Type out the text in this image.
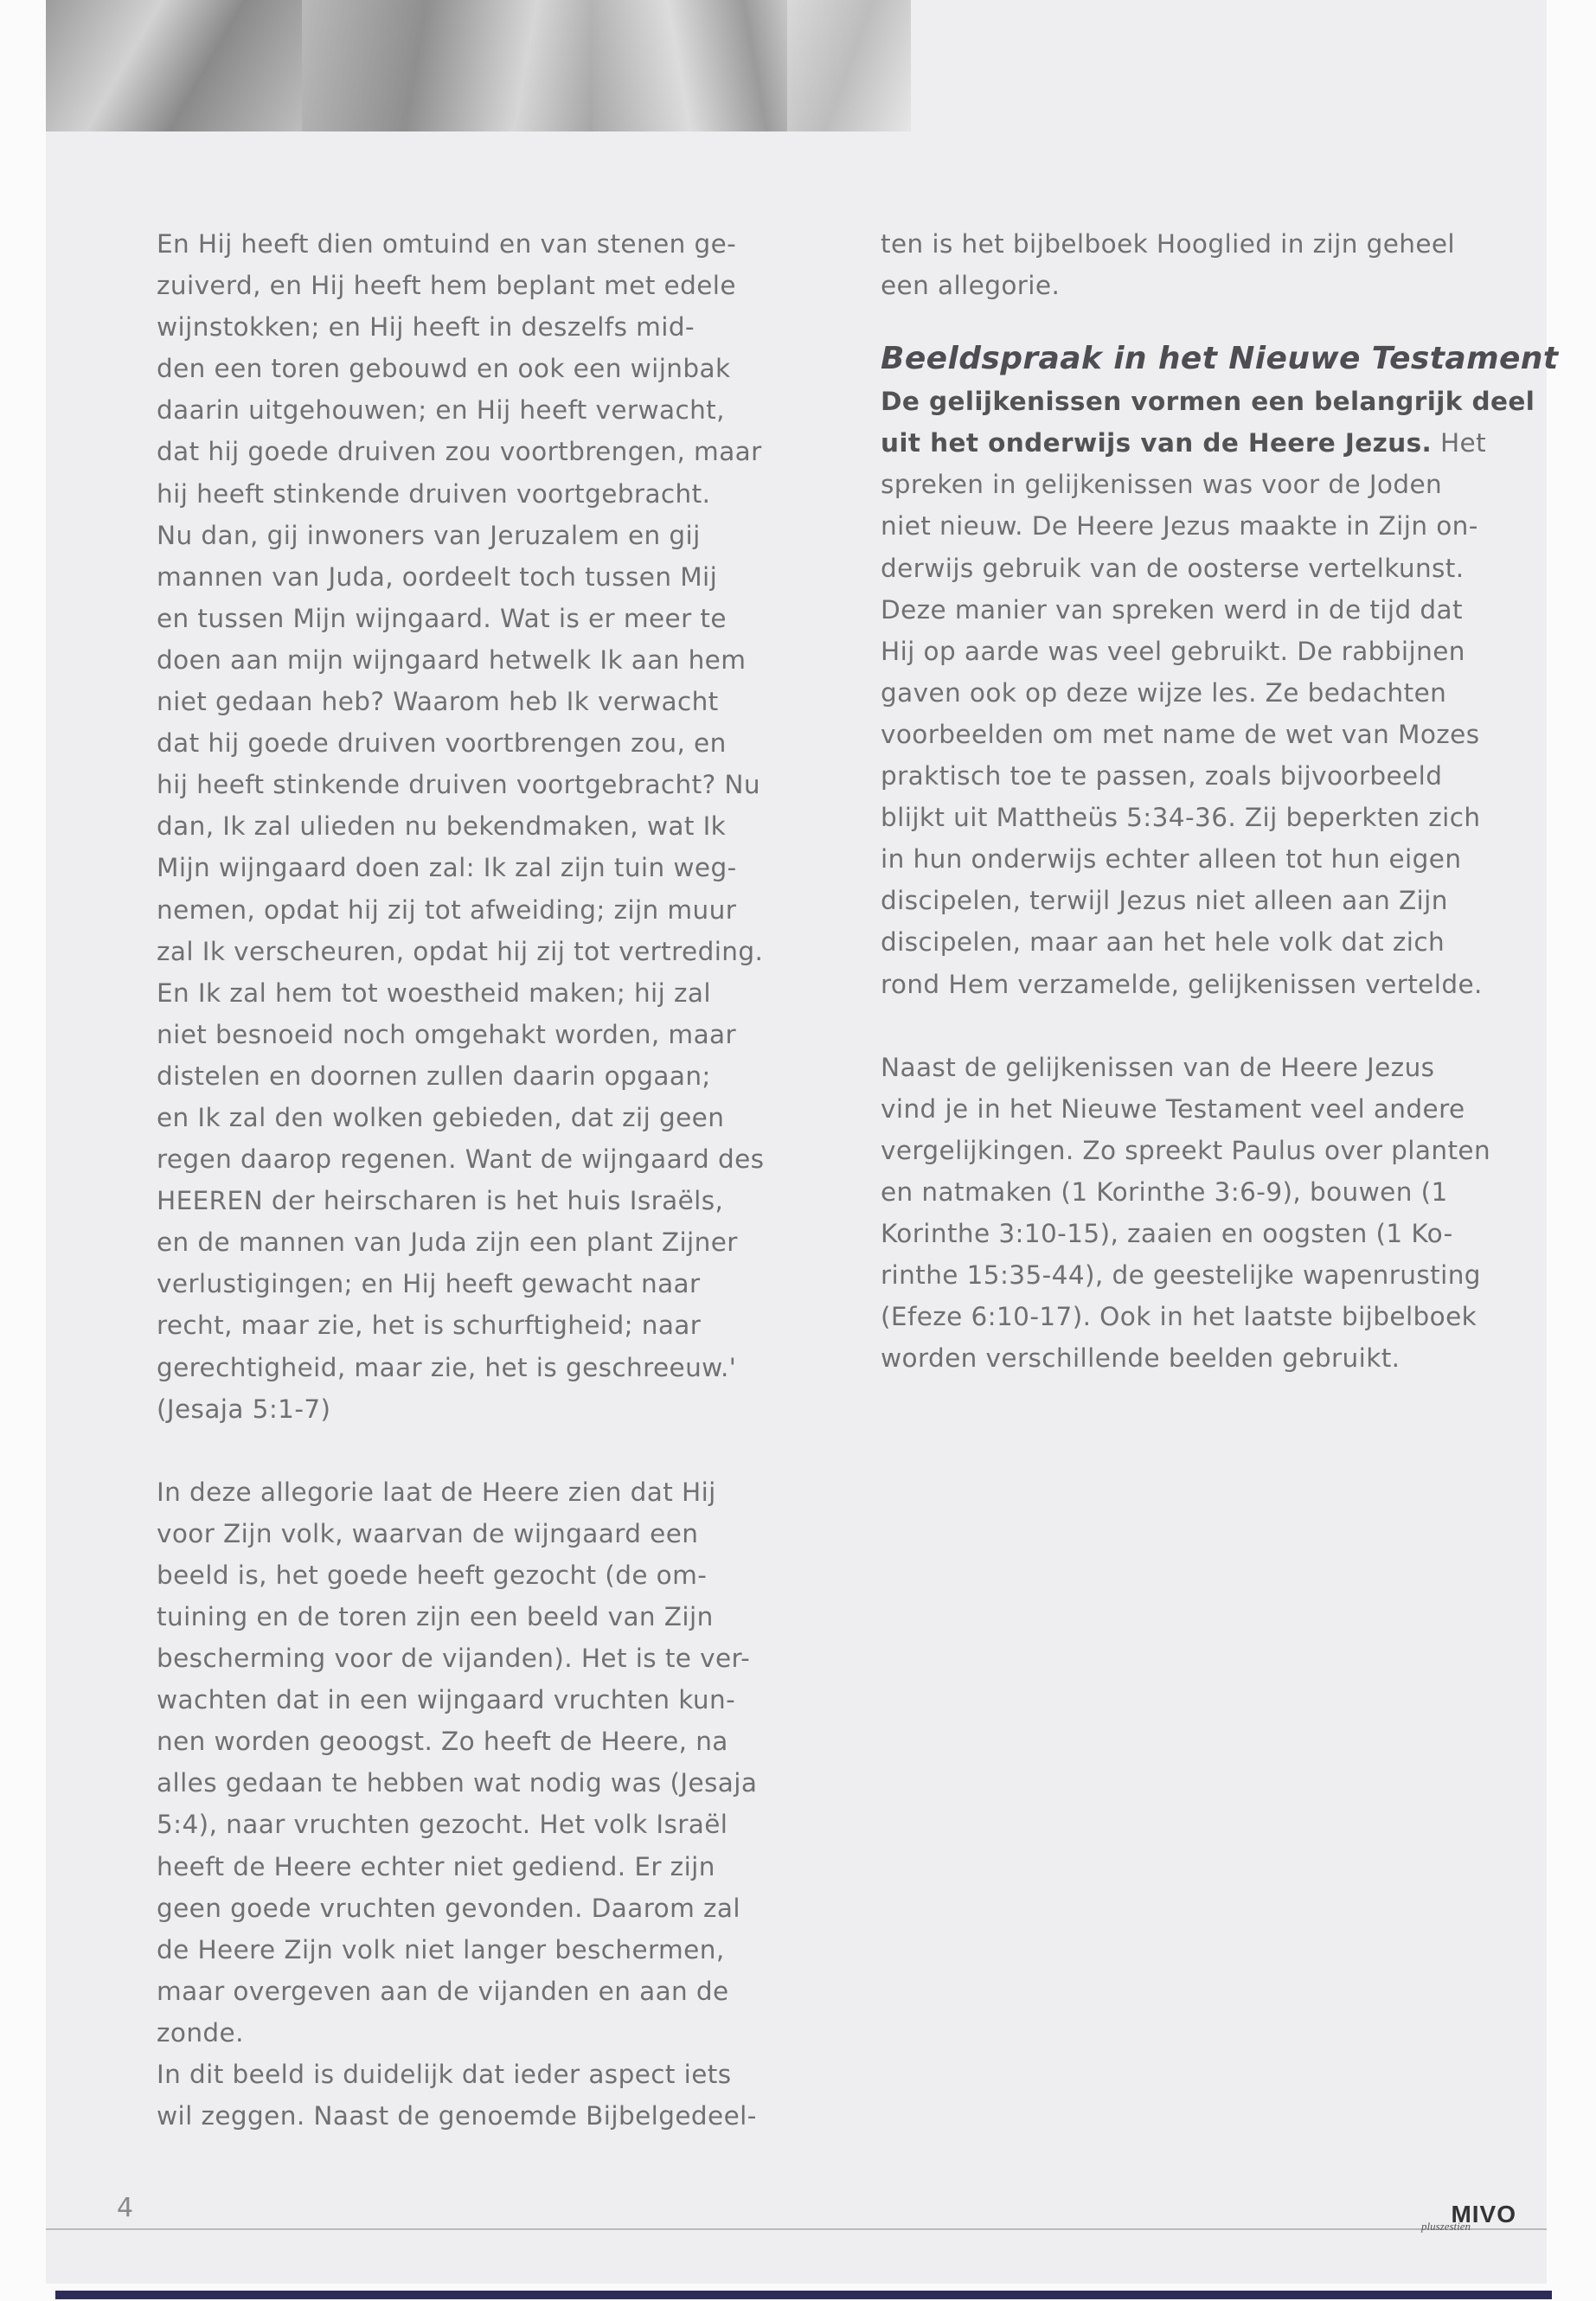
En Hij heeft dien omtuind en van stenen ge-
zuiverd, en Hij heeft hem beplant met edele
wijnstokken; en Hij heeft in deszelfs mid-
den een toren gebouwd en ook een wijnbak
daarin uitgehouwen; en Hij heeft verwacht,
dat hij goede druiven zou voortbrengen, maar
hij heeft stinkende druiven voortgebracht.
Nu dan, gij inwoners van Jeruzalem en gij
mannen van Juda, oordeelt toch tussen Mij
en tussen Mijn wijngaard. Wat is er meer te
doen aan mijn wijngaard hetwelk Ik aan hem
niet gedaan heb? Waarom heb Ik verwacht
dat hij goede druiven voortbrengen zou, en
hij heeft stinkende druiven voortgebracht? Nu
dan, Ik zal ulieden nu bekendmaken, wat Ik
Mijn wijngaard doen zal: Ik zal zijn tuin weg-
nemen, opdat hij zij tot afweiding; zijn muur
zal Ik verscheuren, opdat hij zij tot vertreding.
En Ik zal hem tot woestheid maken; hij zal
niet besnoeid noch omgehakt worden, maar
distelen en doornen zullen daarin opgaan;
en Ik zal den wolken gebieden, dat zij geen
regen daarop regenen. Want de wijngaard des
HEEREN der heirscharen is het huis Israëls,
en de mannen van Juda zijn een plant Zijner
verlustigingen; en Hij heeft gewacht naar
recht, maar zie, het is schurftigheid; naar
gerechtigheid, maar zie, het is geschreeuw.'
(Jesaja 5:1-7)

In deze allegorie laat de Heere zien dat Hij
voor Zijn volk, waarvan de wijngaard een
beeld is, het goede heeft gezocht (de om-
tuining en de toren zijn een beeld van Zijn
bescherming voor de vijanden). Het is te ver-
wachten dat in een wijngaard vruchten kun-
nen worden geoogst. Zo heeft de Heere, na
alles gedaan te hebben wat nodig was (Jesaja
5:4), naar vruchten gezocht. Het volk Israël
heeft de Heere echter niet gediend. Er zijn
geen goede vruchten gevonden. Daarom zal
de Heere Zijn volk niet langer beschermen,
maar overgeven aan de vijanden en aan de
zonde.

In dit beeld is duidelijk dat ieder aspect iets
wil zeggen. Naast de genoemde Bijbelgedeel-

ten is het bijbelboek Hooglied in zijn geheel
een allegorie.

Beeldspraak in het Nieuwe Testament

De gelijkenissen vormen een belangrijk deel
uit het onderwijs van de Heere Jezus. Het
spreken in gelijkenissen was voor de Joden
niet nieuw. De Heere Jezus maakte in Zijn on-
derwijs gebruik van de oosterse vertelkunst.
Deze manier van spreken werd in de tijd dat
Hij op aarde was veel gebruikt. De rabbijnen
gaven ook op deze wijze les. Ze bedachten
voorbeelden om met name de wet van Mozes
praktisch toe te passen, zoals bijvoorbeeld
blijkt uit Mattheüs 5:34-36. Zij beperkten zich
in hun onderwijs echter alleen tot hun eigen
discipelen, terwijl Jezus niet alleen aan Zijn
discipelen, maar aan het hele volk dat zich
rond Hem verzamelde, gelijkenissen vertelde.

Naast de gelijkenissen van de Heere Jezus
vind je in het Nieuwe Testament veel andere
vergelijkingen. Zo spreekt Paulus over planten
en natmaken (1 Korinthe 3:6-9), bouwen (1
Korinthe 3:10-15), zaaien en oogsten (1 Ko-
rinthe 15:35-44), de geestelijke wapenrusting
(Efeze 6:10-17). Ook in het laatste bijbelboek
worden verschillende beelden gebruikt.

4	MIVO
pluszestien
